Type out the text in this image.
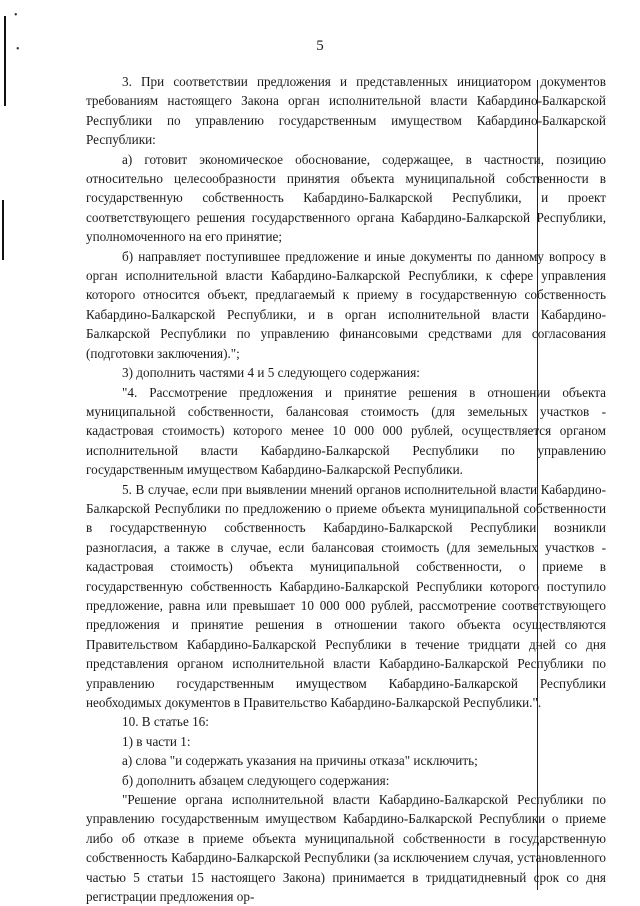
•
•	5

3. При соответствии предложения и представленных инициатором документов требованиям настоящего Закона орган исполнительной власти Кабардино-Балкарской Республики по управлению государственным имуществом Кабардино-Балкарской Республики:

а) готовит экономическое обоснование, содержащее, в частности, позицию относительно целесообразности принятия объекта муниципальной собственности в государственную собственность Кабардино-Балкарской Республики, и проект соответствующего решения государственного органа Кабардино-Балкарской Республики, уполномоченного на его принятие;

б) направляет поступившее предложение и иные документы по данному вопросу в орган исполнительной власти Кабардино-Балкарской Республики, к сфере управления которого относится объект, предлагаемый к приему в государственную собственность Кабардино-Балкарской Республики, и в орган исполнительной власти Кабардино-Балкарской Республики по управлению финансовыми средствами для согласования (подготовки заключения).";

3) дополнить частями 4 и 5 следующего содержания:

"4. Рассмотрение предложения и принятие решения в отношении объекта муниципальной собственности, балансовая стоимость (для земельных участков - кадастровая стоимость) которого менее 10 000 000 рублей, осуществляется органом исполнительной власти Кабардино-Балкарской Республики по управлению государственным имуществом Кабардино-Балкарской Республики.

5. В случае, если при выявлении мнений органов исполнительной власти Кабардино-Балкарской Республики по предложению о приеме объекта муниципальной собственности в государственную собственность Кабардино-Балкарской Республики возникли разногласия, а также в случае, если балансовая стоимость (для земельных участков - кадастровая стоимость) объекта муниципальной собственности, о приеме в государственную собственность Кабардино-Балкарской Республики которого поступило предложение, равна или превышает 10 000 000 рублей, рассмотрение соответствующего предложения и принятие решения в отношении такого объекта осуществляются Правительством Кабардино-Балкарской Республики в течение тридцати дней со дня представления органом исполнительной власти Кабардино-Балкарской Республики по управлению государственным имуществом Кабардино-Балкарской Республики необходимых документов в Правительство Кабардино-Балкарской Республики.".

10. В статье 16:

1) в части 1:

а) слова "и содержать указания на причины отказа" исключить;

б) дополнить абзацем следующего содержания:

"Решение органа исполнительной власти Кабардино-Балкарской Республики по управлению государственным имуществом Кабардино-Балкарской Республики о приеме либо об отказе в приеме объекта муниципальной собственности в государственную собственность Кабардино-Балкарской Республики (за исключением случая, установленного частью 5 статьи 15 настоящего Закона) принимается в тридцатидневный срок со дня регистрации предложения ор-
